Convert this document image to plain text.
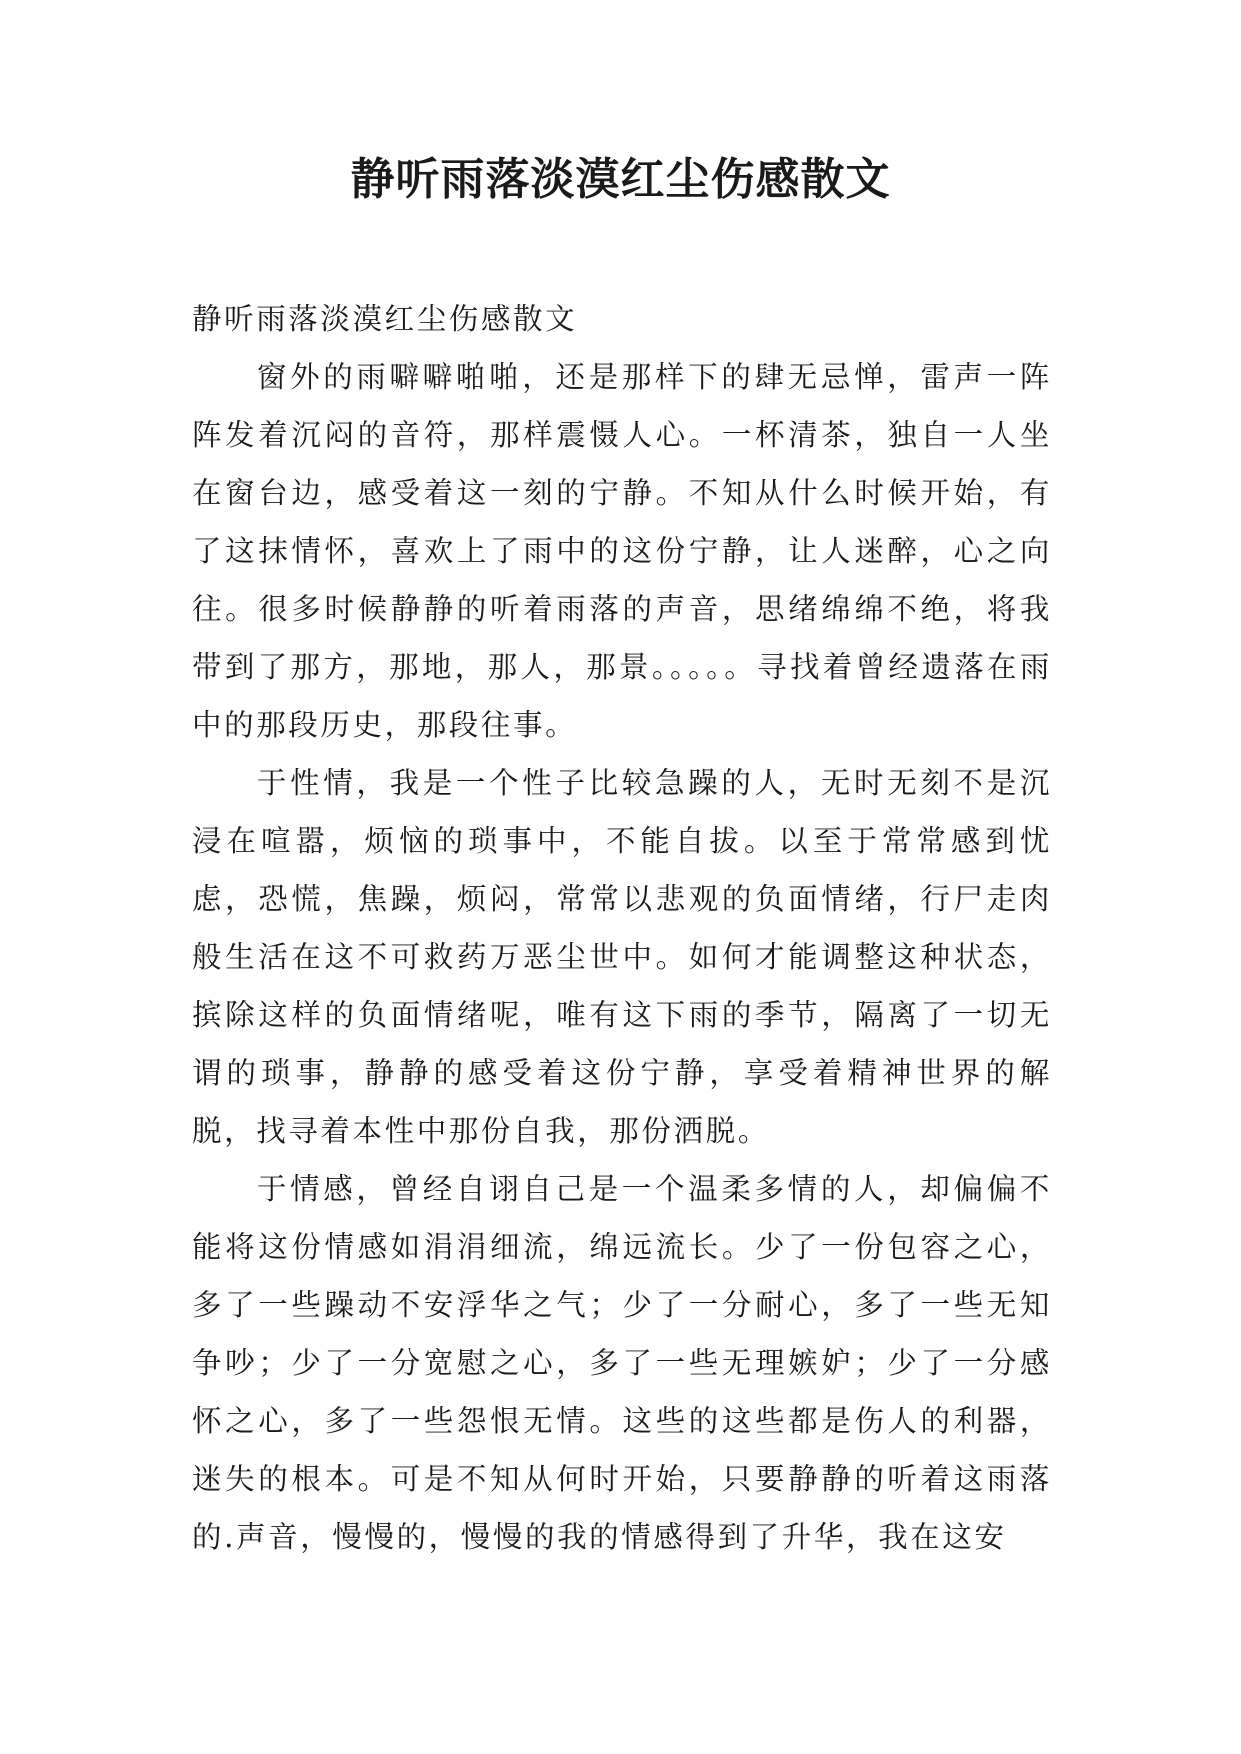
静听雨落淡漠红尘伤感散文

静听雨落淡漠红尘伤感散文

窗外的雨噼噼啪啪，还是那样下的肆无忌惮，雷声一阵阵发着沉闷的音符，那样震慑人心。一杯清茶，独自一人坐在窗台边，感受着这一刻的宁静。不知从什么时候开始，有了这抹情怀，喜欢上了雨中的这份宁静，让人迷醉，心之向往。很多时候静静的听着雨落的声音，思绪绵绵不绝，将我带到了那方，那地，那人，那景。。。。。寻找着曾经遗落在雨中的那段历史，那段往事。

于性情，我是一个性子比较急躁的人，无时无刻不是沉浸在喧嚣，烦恼的琐事中，不能自拔。以至于常常感到忧虑，恐慌，焦躁，烦闷，常常以悲观的负面情绪，行尸走肉般生活在这不可救药万恶尘世中。如何才能调整这种状态，摈除这样的负面情绪呢，唯有这下雨的季节，隔离了一切无谓的琐事，静静的感受着这份宁静，享受着精神世界的解脱，找寻着本性中那份自我，那份洒脱。

于情感，曾经自诩自己是一个温柔多情的人，却偏偏不能将这份情感如涓涓细流，绵远流长。少了一份包容之心，多了一些躁动不安浮华之气；少了一分耐心，多了一些无知争吵；少了一分宽慰之心，多了一些无理嫉妒；少了一分感怀之心，多了一些怨恨无情。这些的这些都是伤人的利器，迷失的根本。可是不知从何时开始，只要静静的听着这雨落的.声音，慢慢的，慢慢的我的情感得到了升华，我在这安
